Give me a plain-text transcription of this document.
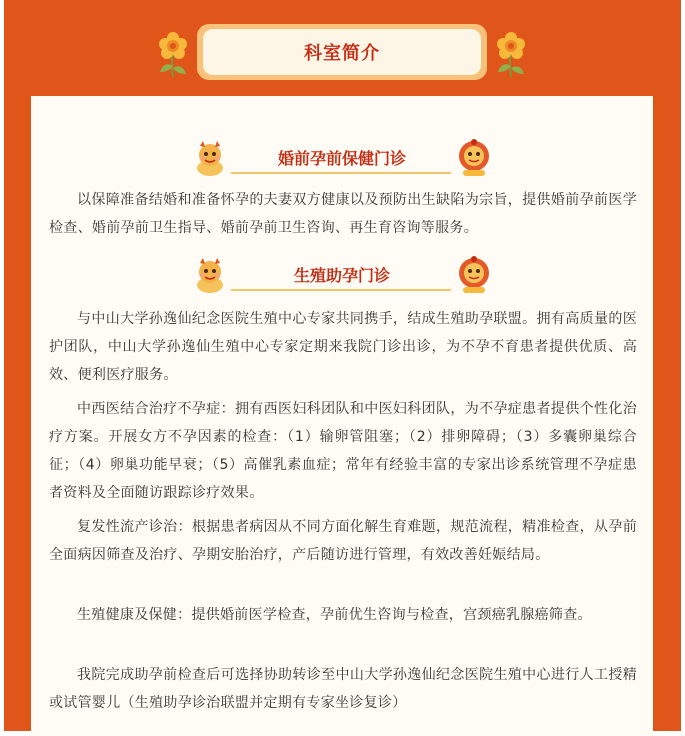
科室简介
婚前孕前保健门诊

以保障准备结婚和准备怀孕的夫妻双方健康以及预防出生缺陷为宗旨，提供婚前孕前医学检查、婚前孕前卫生指导、婚前孕前卫生咨询、再生育咨询等服务。

生殖助孕门诊

与中山大学孙逸仙纪念医院生殖中心专家共同携手，结成生殖助孕联盟。拥有高质量的医护团队，中山大学孙逸仙生殖中心专家定期来我院门诊出诊，为不孕不育患者提供优质、高效、便利医疗服务。

中西医结合治疗不孕症：拥有西医妇科团队和中医妇科团队，为不孕症患者提供个性化治疗方案。开展女方不孕因素的检查：（1）输卵管阻塞；（2）排卵障碍；（3）多囊卵巢综合征；（4）卵巢功能早衰；（5）高催乳素血症；常年有经验丰富的专家出诊系统管理不孕症患者资料及全面随访跟踪诊疗效果。

复发性流产诊治：根据患者病因从不同方面化解生育难题，规范流程，精准检查，从孕前全面病因筛查及治疗、孕期安胎治疗，产后随访进行管理，有效改善妊娠结局。

生殖健康及保健：提供婚前医学检查，孕前优生咨询与检查，宫颈癌乳腺癌筛查。

我院完成助孕前检查后可选择协助转诊至中山大学孙逸仙纪念医院生殖中心进行人工授精或试管婴儿（生殖助孕诊治联盟并定期有专家坐诊复诊）
